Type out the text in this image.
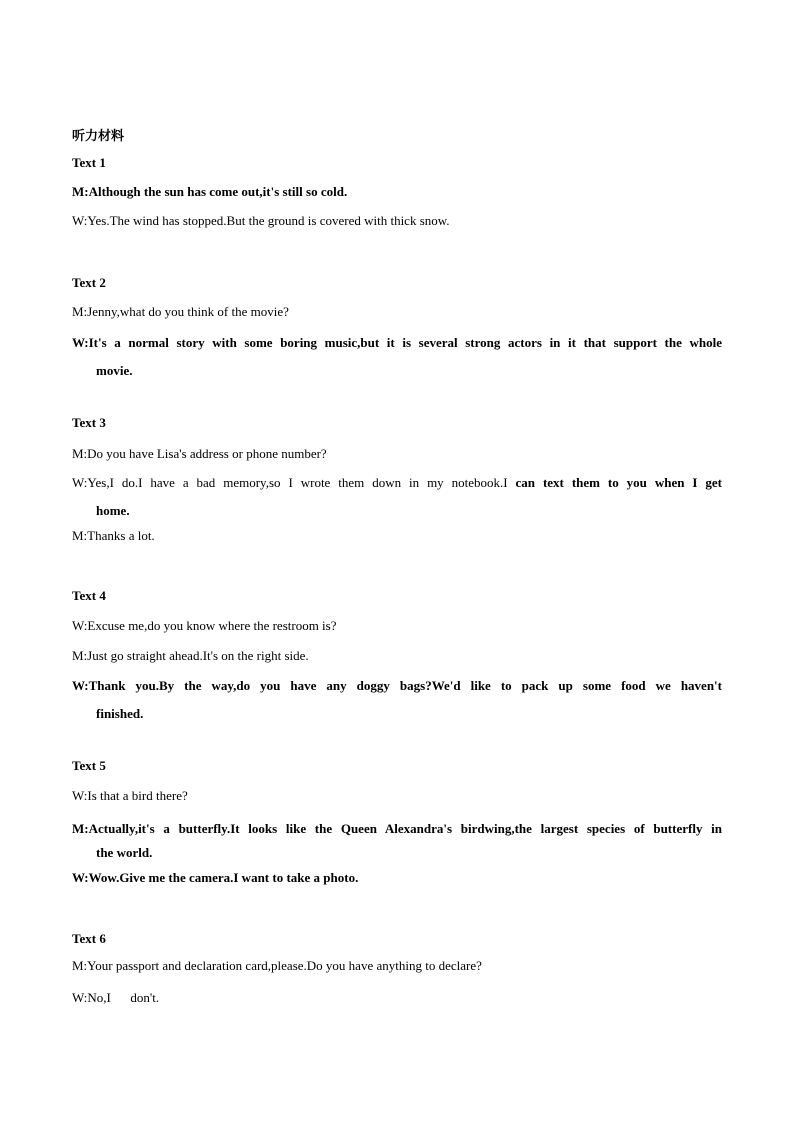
听力材料
Text 1
M:Although the sun has come out,it's still so cold.
W:Yes.The wind has stopped.But the ground is covered with thick snow.
Text 2
M:Jenny,what do you think of the movie?
W:It's a normal story with some boring music,but it is several strong actors in it that support the whole
movie.
Text 3
M:Do you have Lisa's address or phone number?
W:Yes,I do.I have a bad memory,so I wrote them down in my notebook.I can text them to you when I get
home.
M:Thanks a lot.
Text 4
W:Excuse me,do you know where the restroom is?
M:Just go straight ahead.It's on the right side.
W:Thank you.By the way,do you have any doggy bags?We'd like to pack up some food we haven't
finished.
Text 5
W:Is that a bird there?
M:Actually,it's a butterfly.It looks like the Queen Alexandra's birdwing,the largest species of butterfly in
the world.
W:Wow.Give me the camera.I want to take a photo.
Text 6
M:Your passport and declaration card,please.Do you have anything to declare?
W:No,I      don't.
